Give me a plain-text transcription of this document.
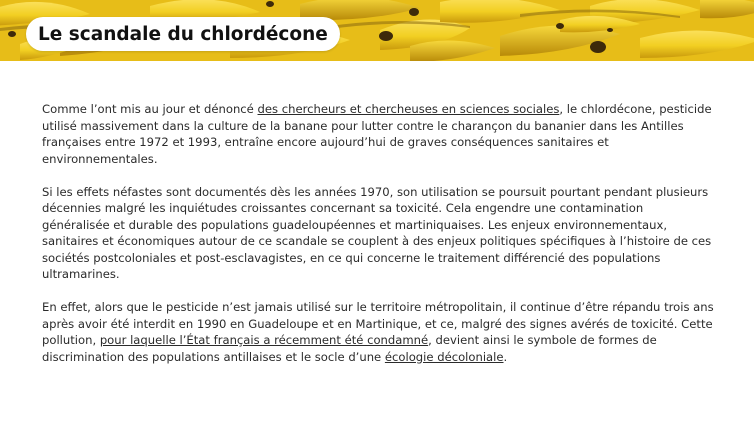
Le scandale du chlordécone

Comme l’ont mis au jour et dénoncé des chercheurs et chercheuses en sciences sociales, le chlordécone, pesticide utilisé massivement dans la culture de la banane pour lutter contre le charançon du bananier dans les Antilles françaises entre 1972 et 1993, entraîne encore aujourd’hui de graves conséquences sanitaires et environnementales.

Si les effets néfastes sont documentés dès les années 1970, son utilisation se poursuit pourtant pendant plusieurs décennies malgré les inquiétudes croissantes concernant sa toxicité. Cela engendre une contamination généralisée et durable des populations guadeloupéennes et martiniquaises. Les enjeux environnementaux, sanitaires et économiques autour de ce scandale se couplent à des enjeux politiques spécifiques à l’histoire de ces sociétés postcoloniales et post-esclavagistes, en ce qui concerne le traitement différencié des populations ultramarines.

En effet, alors que le pesticide n’est jamais utilisé sur le territoire métropolitain, il continue d’être répandu trois ans après avoir été interdit en 1990 en Guadeloupe et en Martinique, et ce, malgré des signes avérés de toxicité. Cette pollution, pour laquelle l’État français a récemment été condamné, devient ainsi le symbole de formes de discrimination des populations antillaises et le socle d’une écologie décoloniale.
